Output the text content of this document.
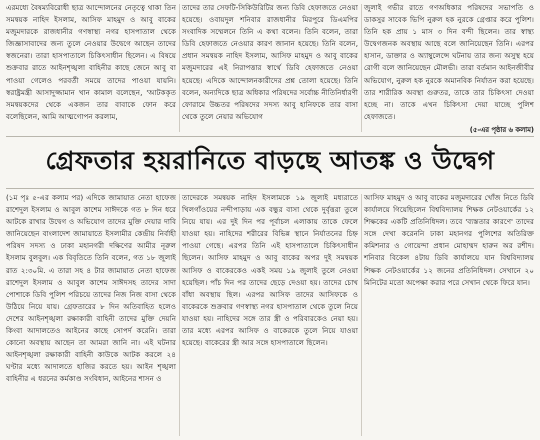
এরমধ্যে বৈষম্যবিরোধী ছাত্র আন্দোলনের নেতৃত্বে থাকা তিন সমন্বয়ক নাহিদ ইসলাম, আসিফ মাহমুদ ও আবু বাকের মজুমদারকে রাজধানীর গণস্বাস্থ্য নগর হাসপাতাল থেকে জিজ্ঞাসাবাদের জন্য তুলে নেওয়ার উদ্বেগে আছেন তাদের স্বজনেরা। তারা হাসপাতালে চিকিৎসাধীন ছিলেন। এ বিষয়ে শুক্রবার রাতে আইনশৃঙ্খলা বাহিনীর কাছে জেনে আবু বা পাওয়া গেলেও পরবর্তী সময়ে তাদের পাওয়া যায়নি। স্বরাষ্ট্রমন্ত্রী আসাদুজ্জামান খান কামাল বলেছেন, 'আটককৃত সমন্বয়কদের থেকে একজন তার বাবাকে ফোন করে বলেছিলেন, আমি আত্মগোপন করলাম,

তাদের তার সেফটি-সিকিউরিটির জন্য ডিবি হেফাজতে নেওয়া হয়েছে। ওবায়দুল শনিবার রাজধানীর মিরপুরে ডিএমপির সংবাদিক সম্মেলনে তিনি এ কথা বলেন। তিনি বলেন, তারা ডিবি হেফাজতে নেওয়ার কারণ জানান হয়েছে। তিনি বলেন, প্রধান সমন্বয়ক নাহিদ ইসলাম, আসিফ মাহমুদ ও আবু বাকের মজুমদারের এই নিরাপত্তার স্বার্থে ডিবি হেফাজতে নেওয়া হয়েছে। এদিকে আন্দোলনকারীদের প্রশ্ন তোলা হয়েছে। তিনি বলেন, অন্যদিকে ছাত্র অধিকার পরিষদের সর্বোচ্চ নীতিনির্ধারণী ফোরামে উচ্চতর পরিষদের সদস্য আবু হানিফকে তার বাসা থেকে তুলে নেয়ার অভিযোগ

জুলাই গভীর রাতে গণঅধিকার পরিষদের সভাপতি ও ডাকসুর সাবেক ভিপি নুরুল হক নুরকে গ্রেপ্তার করে পুলিশ। তিনি হক প্রায় ১ মাস ৩ দিন বন্দী ছিলেন। তার স্বাস্থ্য উদ্বেগজনক অবস্থায় আছে বলে জানিয়েছেন তিনি। এরপর হাসান, ডাক্তার ও অ্যাম্বুলেন্সে ঘটনায় তার জন্য অসুস্থ হয়ে রোগী বলে জানিয়েছেন মৌলভী। তারা বর্তমান আইনজীবীর অভিযোগ, নুরুল হক নুরকে অমানবিক নির্যাতন করা হয়েছে। তার শারীরিক অবস্থা গুরুতর, তাকে তার চিকিৎসা দেওয়া হচ্ছে না। তাকে এখন চিকিৎসা দেয়া যাচ্ছে পুলিশ হেফাজতে।

(৫-এর পৃষ্ঠার ৬ কলাম)
গ্রেফতার হয়রানিতে বাড়ছে আতঙ্ক ও উদ্বেগ

(১ম পৃঃ ৫-এর কলাম পর) এদিকে জামায়াত নেতা হাফেজ রাশেদুল ইসলাম ও আবুল কাশেম সাঈদকে গত ৮ দিন ধরে আটকে রাখার উদ্বেগ ও অভিযোগ তাদের মুক্তি দেয়ার দাবি জানিয়েছেন বাংলাদেশ জামায়াতে ইসলামীর কেন্দ্রীয় নির্বাহী পরিষদ সদস্য ও ঢাকা মহানগরী দক্ষিণের আমীর নূরুল ইসলাম বুলবুল। এক বিবৃতিতে তিনি বলেন, গত ১৮ জুলাই রাত ২:৩০মি. এ তারা সহ ৪ টার জামায়াত নেতা হাফেজ রাশেদুল ইসলাম ও আবুল কাশেম সাঈদসহ তাদের সাদা পোশাকে ডিবি পুলিশ পরিচয়ে তাদের নিজ নিজ বাসা থেকে উঠিয়ে নিয়ে যায়। গ্রেফতারের ৮ দিন অতিবাহিত হলেও দেশের আইনশৃঙ্খলা রক্ষাকারী বাহিনী তাদের মুক্তি দেয়নি কিংবা আদালতেও আইনের কাছে সোপর্দ করেনি। তারা কোনো অবস্থায় আছেন তা আমরা জানি না। এই ঘটনার আইনশৃঙ্খলা রক্ষাকারী বাহিনী কাউকে আটক করলে ২৪ ঘণ্টার মধ্যে আদালতে হাজির করতে হয়। আইন শৃঙ্খলা বাহিনীর এ ধরনের কর্মকাণ্ড সংবিধান, আইনের শাসন ও

তাদেরকে সমন্বয়ক নাহিদ ইসলামকে ১৯ জুলাই মধ্যরাতে খিলগাঁওয়ের নন্দীপাড়ায় এক বন্ধুর বাসা থেকে দুর্বৃত্তরা তুলে নিয়ে যায়। এর দুই দিন পর পূর্বাচল এলাকায় তাকে ফেলে যাওয়া হয়। নাহিদের শরীরের বিভিন্ন স্থানে নির্যাতনের চিহ্ন পাওয়া গেছে। এরপর তিনি এই হাসপাতালে চিকিৎসাধীন ছিলেন। আসিফ মাহমুদ ও আবু বাকের অপর দুই সমন্বয়ক আসিফ ও বাকেরকেও একই সময় ১৯ জুলাই তুলে নেওয়া হয়েছিল। পাঁচ দিন পর তাদের ছেড়ে দেওয়া হয়। তাদের চোখ বাঁধা অবস্থায় ছিল। এরপর আসিফ তাদের আসিফকে ও বাকেরকে শুক্রবার গণস্বাস্থ্য নগর হাসপাতাল থেকে তুলে নিয়ে যাওয়া হয়। নাহিদের সঙ্গে তার স্ত্রী ও পরিবারকেও নেয়া হয়। তার মধ্যে এরপর আসিফ ও বাকেরকে তুলে নিয়ে যাওয়া হয়েছে। বাকেরের স্ত্রী আর সঙ্গে হাসপাতালে ছিলেন।

আসিফ মাহমুদ ও আবু বাকের মজুমদারের খোঁজ নিতে ডিবি কার্যালয়ে গিয়েছিলেন বিশ্ববিদ্যালয় শিক্ষক নেটওয়ার্কের ১২ শিক্ষকের একটি প্রতিনিধিদল। তবে 'ব্যস্ততার কারণে' তাদের সঙ্গে দেখা করেননি ঢাকা মহানগর পুলিশের অতিরিক্ত কমিশনার ও গোয়েন্দা প্রধান মোহাম্মদ হারুন অর রশীদ। শনিবার বিকেল ৪টায় ডিবি কার্যালয়ে যান বিশ্ববিদ্যালয় শিক্ষক নেটওয়ার্কের ১২ জনের প্রতিনিধিদল। সেখানে ২০ মিনিটের মতো অপেক্ষা করার পরে সেখান থেকে ফিরে যান।
